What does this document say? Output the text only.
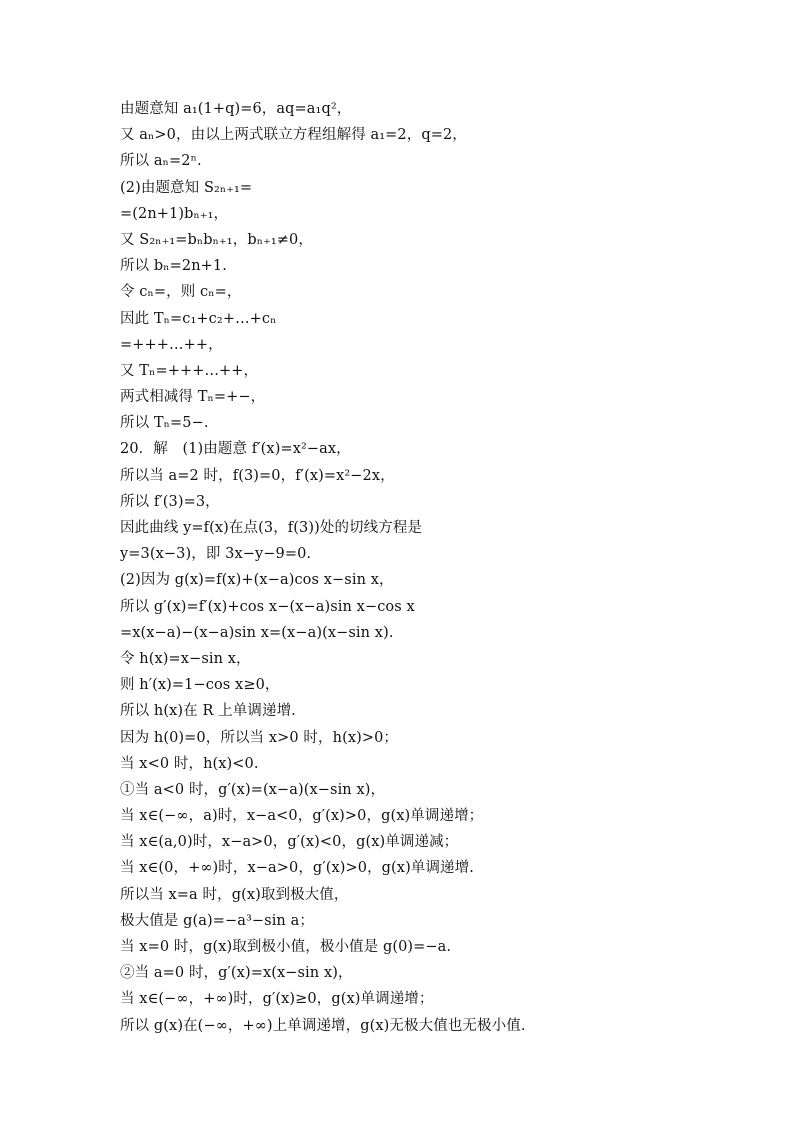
由题意知 a₁(1+q)=6，aq=a₁q²，
又 aₙ>0，由以上两式联立方程组解得 a₁=2，q=2，
所以 aₙ=2ⁿ.
(2)由题意知 S₂ₙ₊₁=
=(2n+1)bₙ₊₁，
又 S₂ₙ₊₁=bₙbₙ₊₁，bₙ₊₁≠0，
所以 bₙ=2n+1.
令 cₙ=，则 cₙ=，
因此 Tₙ=c₁+c₂+…+cₙ
=+++…++，
又 Tₙ=+++…++，
两式相减得 Tₙ=+−，
所以 Tₙ=5−.
20．解　(1)由题意 f′(x)=x²−ax，
所以当 a=2 时，f(3)=0，f′(x)=x²−2x，
所以 f′(3)=3，
因此曲线 y=f(x)在点(3，f(3))处的切线方程是
y=3(x−3)，即 3x−y−9=0.
(2)因为 g(x)=f(x)+(x−a)cos x−sin x，
所以 g′(x)=f′(x)+cos x−(x−a)sin x−cos x
=x(x−a)−(x−a)sin x=(x−a)(x−sin x).
令 h(x)=x−sin x，
则 h′(x)=1−cos x≥0，
所以 h(x)在 R 上单调递增.
因为 h(0)=0，所以当 x>0 时，h(x)>0；
当 x<0 时，h(x)<0.
①当 a<0 时，g′(x)=(x−a)(x−sin x)，
当 x∈(−∞，a)时，x−a<0，g′(x)>0，g(x)单调递增；
当 x∈(a,0)时，x−a>0，g′(x)<0，g(x)单调递减；
当 x∈(0，+∞)时，x−a>0，g′(x)>0，g(x)单调递增.
所以当 x=a 时，g(x)取到极大值，
极大值是 g(a)=−a³−sin a；
当 x=0 时，g(x)取到极小值，极小值是 g(0)=−a.
②当 a=0 时，g′(x)=x(x−sin x)，
当 x∈(−∞，+∞)时，g′(x)≥0，g(x)单调递增；
所以 g(x)在(−∞，+∞)上单调递增，g(x)无极大值也无极小值.
